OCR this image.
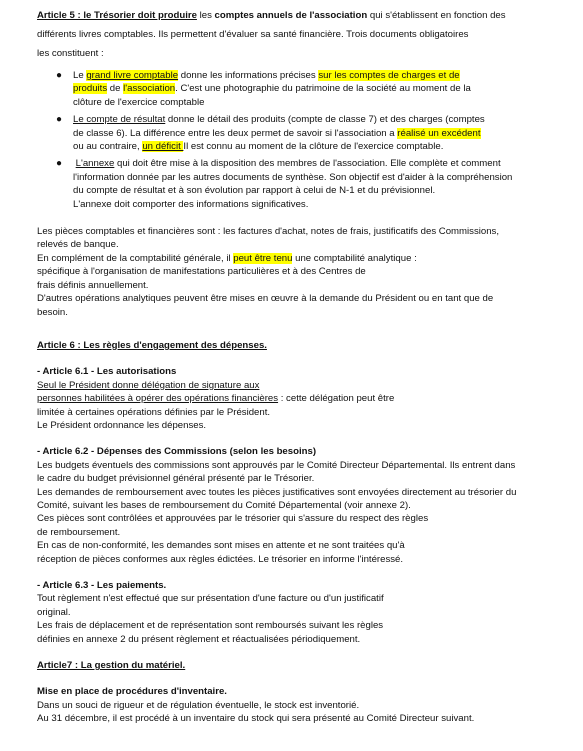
Article 5 : le Trésorier doit produire les comptes annuels de l'association qui s'établissent en fonction des

différents livres comptables. Ils permettent d'évaluer sa santé financière. Trois documents obligatoires

les constituent :

● Le grand livre comptable donne les informations précises sur les comptes de charges et de

produits de l'association. C'est une photographie du patrimoine de la société au moment de la

clôture de l'exercice comptable

● Le compte de résultat donne le détail des produits (compte de classe 7) et des charges (comptes

de classe 6). La différence entre les deux permet de savoir si l'association a réalisé un excédent

ou au contraire, un déficit Il est connu au moment de la clôture de l'exercice comptable.

● L'annexe qui doit être mise à la disposition des membres de l'association. Elle complète et comment

l'information donnée par les autres documents de synthèse. Son objectif est d'aider à la compréhension

du compte de résultat et à son évolution par rapport à celui de N-1 et du prévisionnel.

L'annexe doit comporter des informations significatives.

Les pièces comptables et financières sont : les factures d'achat, notes de frais, justificatifs des Commissions,

relevés de banque.

En complément de la comptabilité générale, il peut être tenu une comptabilité analytique :

spécifique à l'organisation de manifestations particulières et à des Centres de

frais définis annuellement.

D'autres opérations analytiques peuvent être mises en œuvre à la demande du Président ou en tant que de

besoin.

Article 6 : Les règles d'engagement des dépenses.

- Article 6.1 - Les autorisations

Seul le Président donne délégation de signature aux

personnes habilitées à opérer des opérations financières : cette délégation peut être

limitée à certaines opérations définies par le Président.

Le Président ordonnance les dépenses.

- Article 6.2 - Dépenses des Commissions (selon les besoins)

Les budgets éventuels des commissions sont approuvés par le Comité Directeur Départemental. Ils entrent dans

le cadre du budget prévisionnel général présenté par le Trésorier.

Les demandes de remboursement avec toutes les pièces justificatives sont envoyées directement au trésorier du

Comité, suivant les bases de remboursement du Comité Départemental (voir annexe 2).

Ces pièces sont contrôlées et approuvées par le trésorier qui s'assure du respect des règles

de remboursement.

En cas de non-conformité, les demandes sont mises en attente et ne sont traitées qu'à

réception de pièces conformes aux règles édictées. Le trésorier en informe l'intéressé.

- Article 6.3 - Les paiements.

Tout règlement n'est effectué que sur présentation d'une facture ou d'un justificatif

original.

Les frais de déplacement et de représentation sont remboursés suivant les règles

définies en annexe 2 du présent règlement et réactualisées périodiquement.

Article7 : La gestion du matériel.

Mise en place de procédures d'inventaire.

Dans un souci de rigueur et de régulation éventuelle, le stock est inventorié.

Au 31 décembre, il est procédé à un inventaire du stock qui sera présenté au Comité Directeur suivant.
